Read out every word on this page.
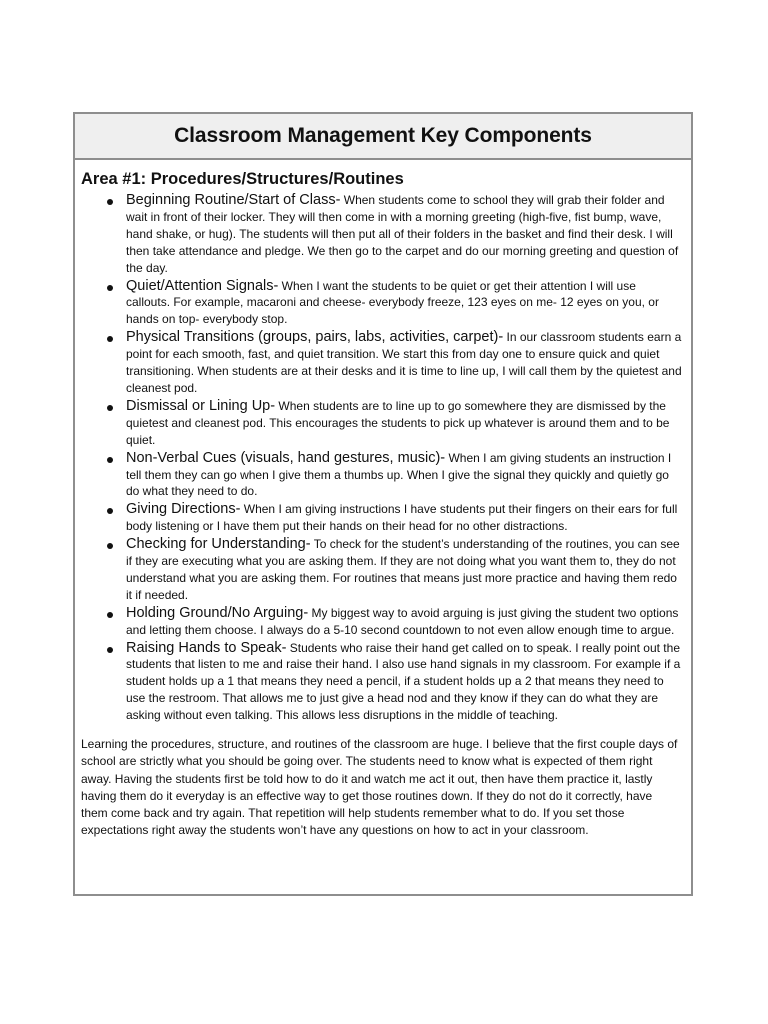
Classroom Management Key Components
Area #1: Procedures/Structures/Routines
Beginning Routine/Start of Class- When students come to school they will grab their folder and wait in front of their locker. They will then come in with a morning greeting (high-five, fist bump, wave, hand shake, or hug). The students will then put all of their folders in the basket and find their desk. I will then take attendance and pledge. We then go to the carpet and do our morning greeting and question of the day.
Quiet/Attention Signals- When I want the students to be quiet or get their attention I will use callouts. For example, macaroni and cheese- everybody freeze, 123 eyes on me- 12 eyes on you, or hands on top- everybody stop.
Physical Transitions (groups, pairs, labs, activities, carpet)- In our classroom students earn a point for each smooth, fast, and quiet transition. We start this from day one to ensure quick and quiet transitioning. When students are at their desks and it is time to line up, I will call them by the quietest and cleanest pod.
Dismissal or Lining Up- When students are to line up to go somewhere they are dismissed by the quietest and cleanest pod. This encourages the students to pick up whatever is around them and to be quiet.
Non-Verbal Cues (visuals, hand gestures, music)- When I am giving students an instruction I tell them they can go when I give them a thumbs up. When I give the signal they quickly and quietly go do what they need to do.
Giving Directions- When I am giving instructions I have students put their fingers on their ears for full body listening or I have them put their hands on their head for no other distractions.
Checking for Understanding- To check for the student’s understanding of the routines, you can see if they are executing what you are asking them. If they are not doing what you want them to, they do not understand what you are asking them. For routines that means just more practice and having them redo it if needed.
Holding Ground/No Arguing- My biggest way to avoid arguing is just giving the student two options and letting them choose. I always do a 5-10 second countdown to not even allow enough time to argue.
Raising Hands to Speak- Students who raise their hand get called on to speak. I really point out the students that listen to me and raise their hand. I also use hand signals in my classroom. For example if a student holds up a 1 that means they need a pencil, if a student holds up a 2 that means they need to use the restroom. That allows me to just give a head nod and they know if they can do what they are asking without even talking. This allows less disruptions in the middle of teaching.

Learning the procedures, structure, and routines of the classroom are huge. I believe that the first couple days of school are strictly what you should be going over. The students need to know what is expected of them right away. Having the students first be told how to do it and watch me act it out, then have them practice it, lastly having them do it everyday is an effective way to get those routines down. If they do not do it correctly, have them come back and try again. That repetition will help students remember what to do. If you set those expectations right away the students won’t have any questions on how to act in your classroom.
